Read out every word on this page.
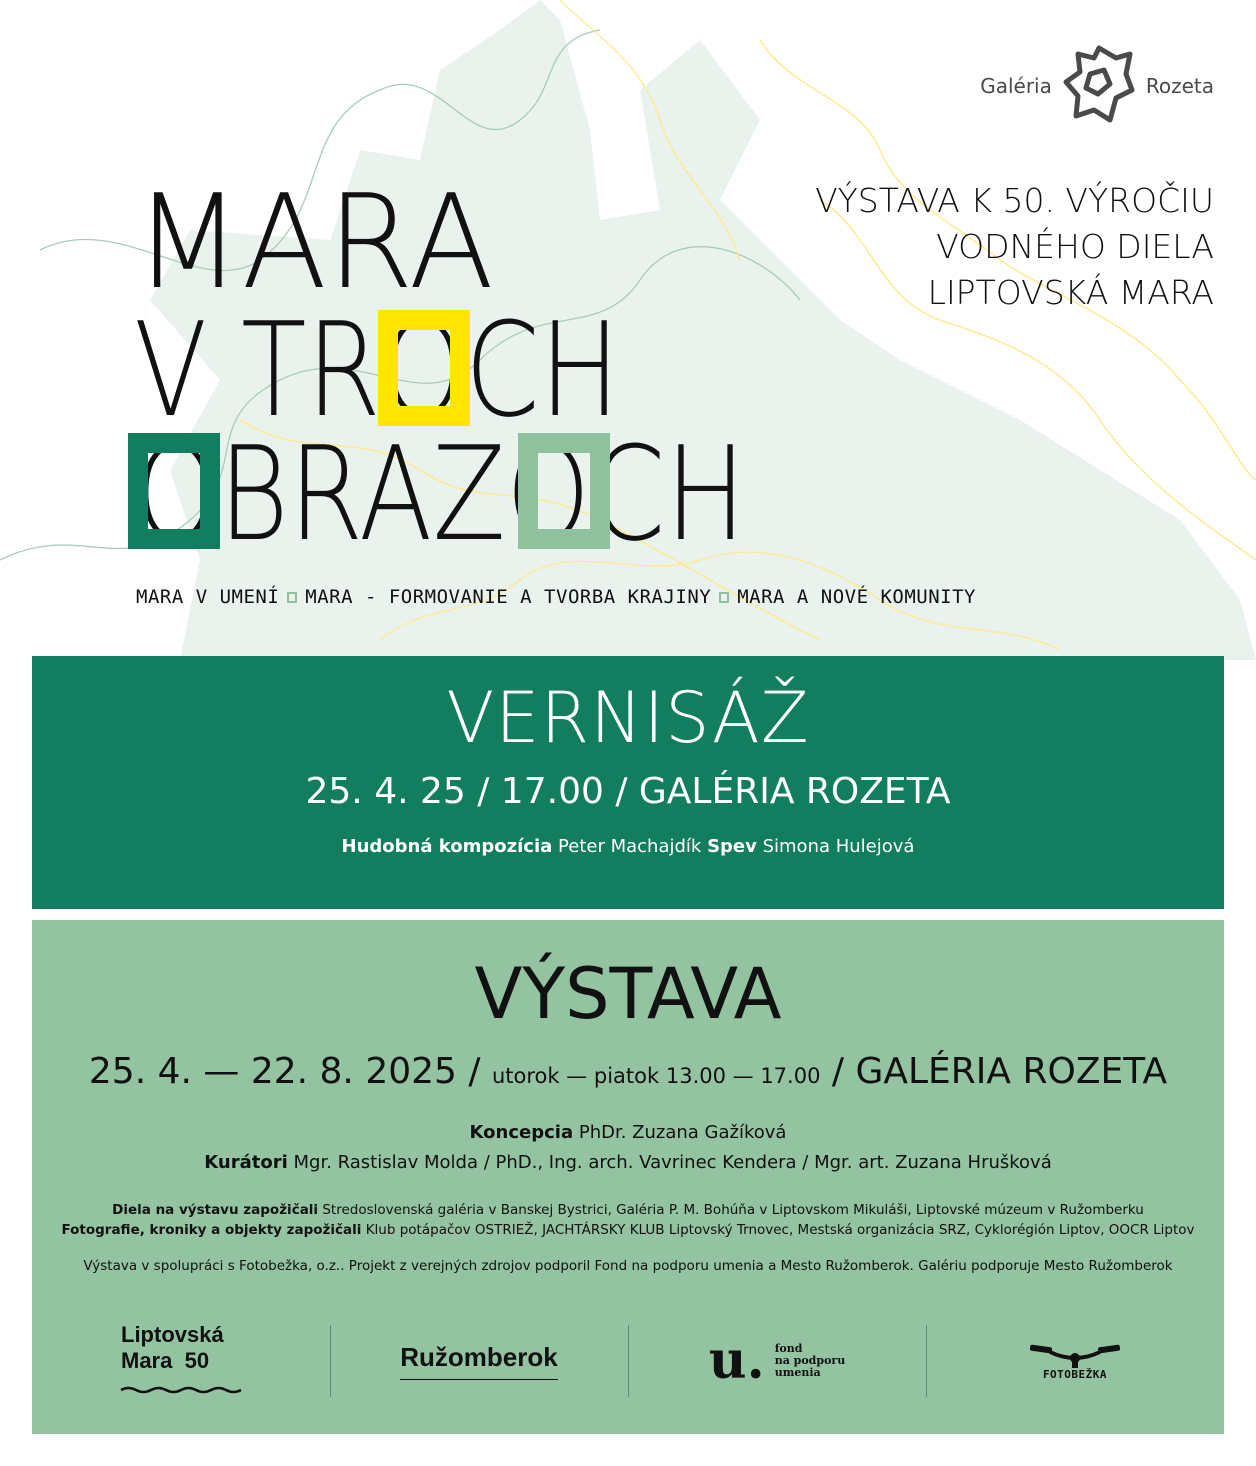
Galéria	Rozeta
VÝSTAVA K 50. VÝROČIU
VODNÉHO DIELA
LIPTOVSKÁ MARA
MARA
V TROCH
OBRAZOCH
MARA V UMENÍ MARA - FORMOVANIE A TVORBA KRAJINY MARA A NOVÉ KOMUNITY
VERNISÁŽ
25. 4. 25 / 17.00 / GALÉRIA ROZETA
Hudobná kompozícia Peter Machajdík Spev Simona Hulejová
VÝSTAVA
25. 4. — 22. 8. 2025 / utorok — piatok 13.00 — 17.00 / GALÉRIA ROZETA
Koncepcia PhDr. Zuzana Gažíková
Kurátori Mgr. Rastislav Molda / PhD., Ing. arch. Vavrinec Kendera / Mgr. art. Zuzana Hrušková
Diela na výstavu zapožičali Stredoslovenská galéria v Banskej Bystrici, Galéria P. M. Bohúňa v Liptovskom Mikuláši, Liptovské múzeum v Ružomberku
Fotografie, kroniky a objekty zapožičali Klub potápačov OSTRIEŽ, JACHTÁRSKY KLUB Liptovský Trnovec, Mestská organizácia SRZ, Cyklorégión Liptov, OOCR Liptov
Výstava v spolupráci s Fotobežka, o.z.. Projekt z verejných zdrojov podporil Fond na podporu umenia a Mesto Ružomberok. Galériu podporuje Mesto Ružomberok
Liptovská
Mara  50	Ružomberok	u. fond
na podporu
umenia	FOTOBEŽKA
